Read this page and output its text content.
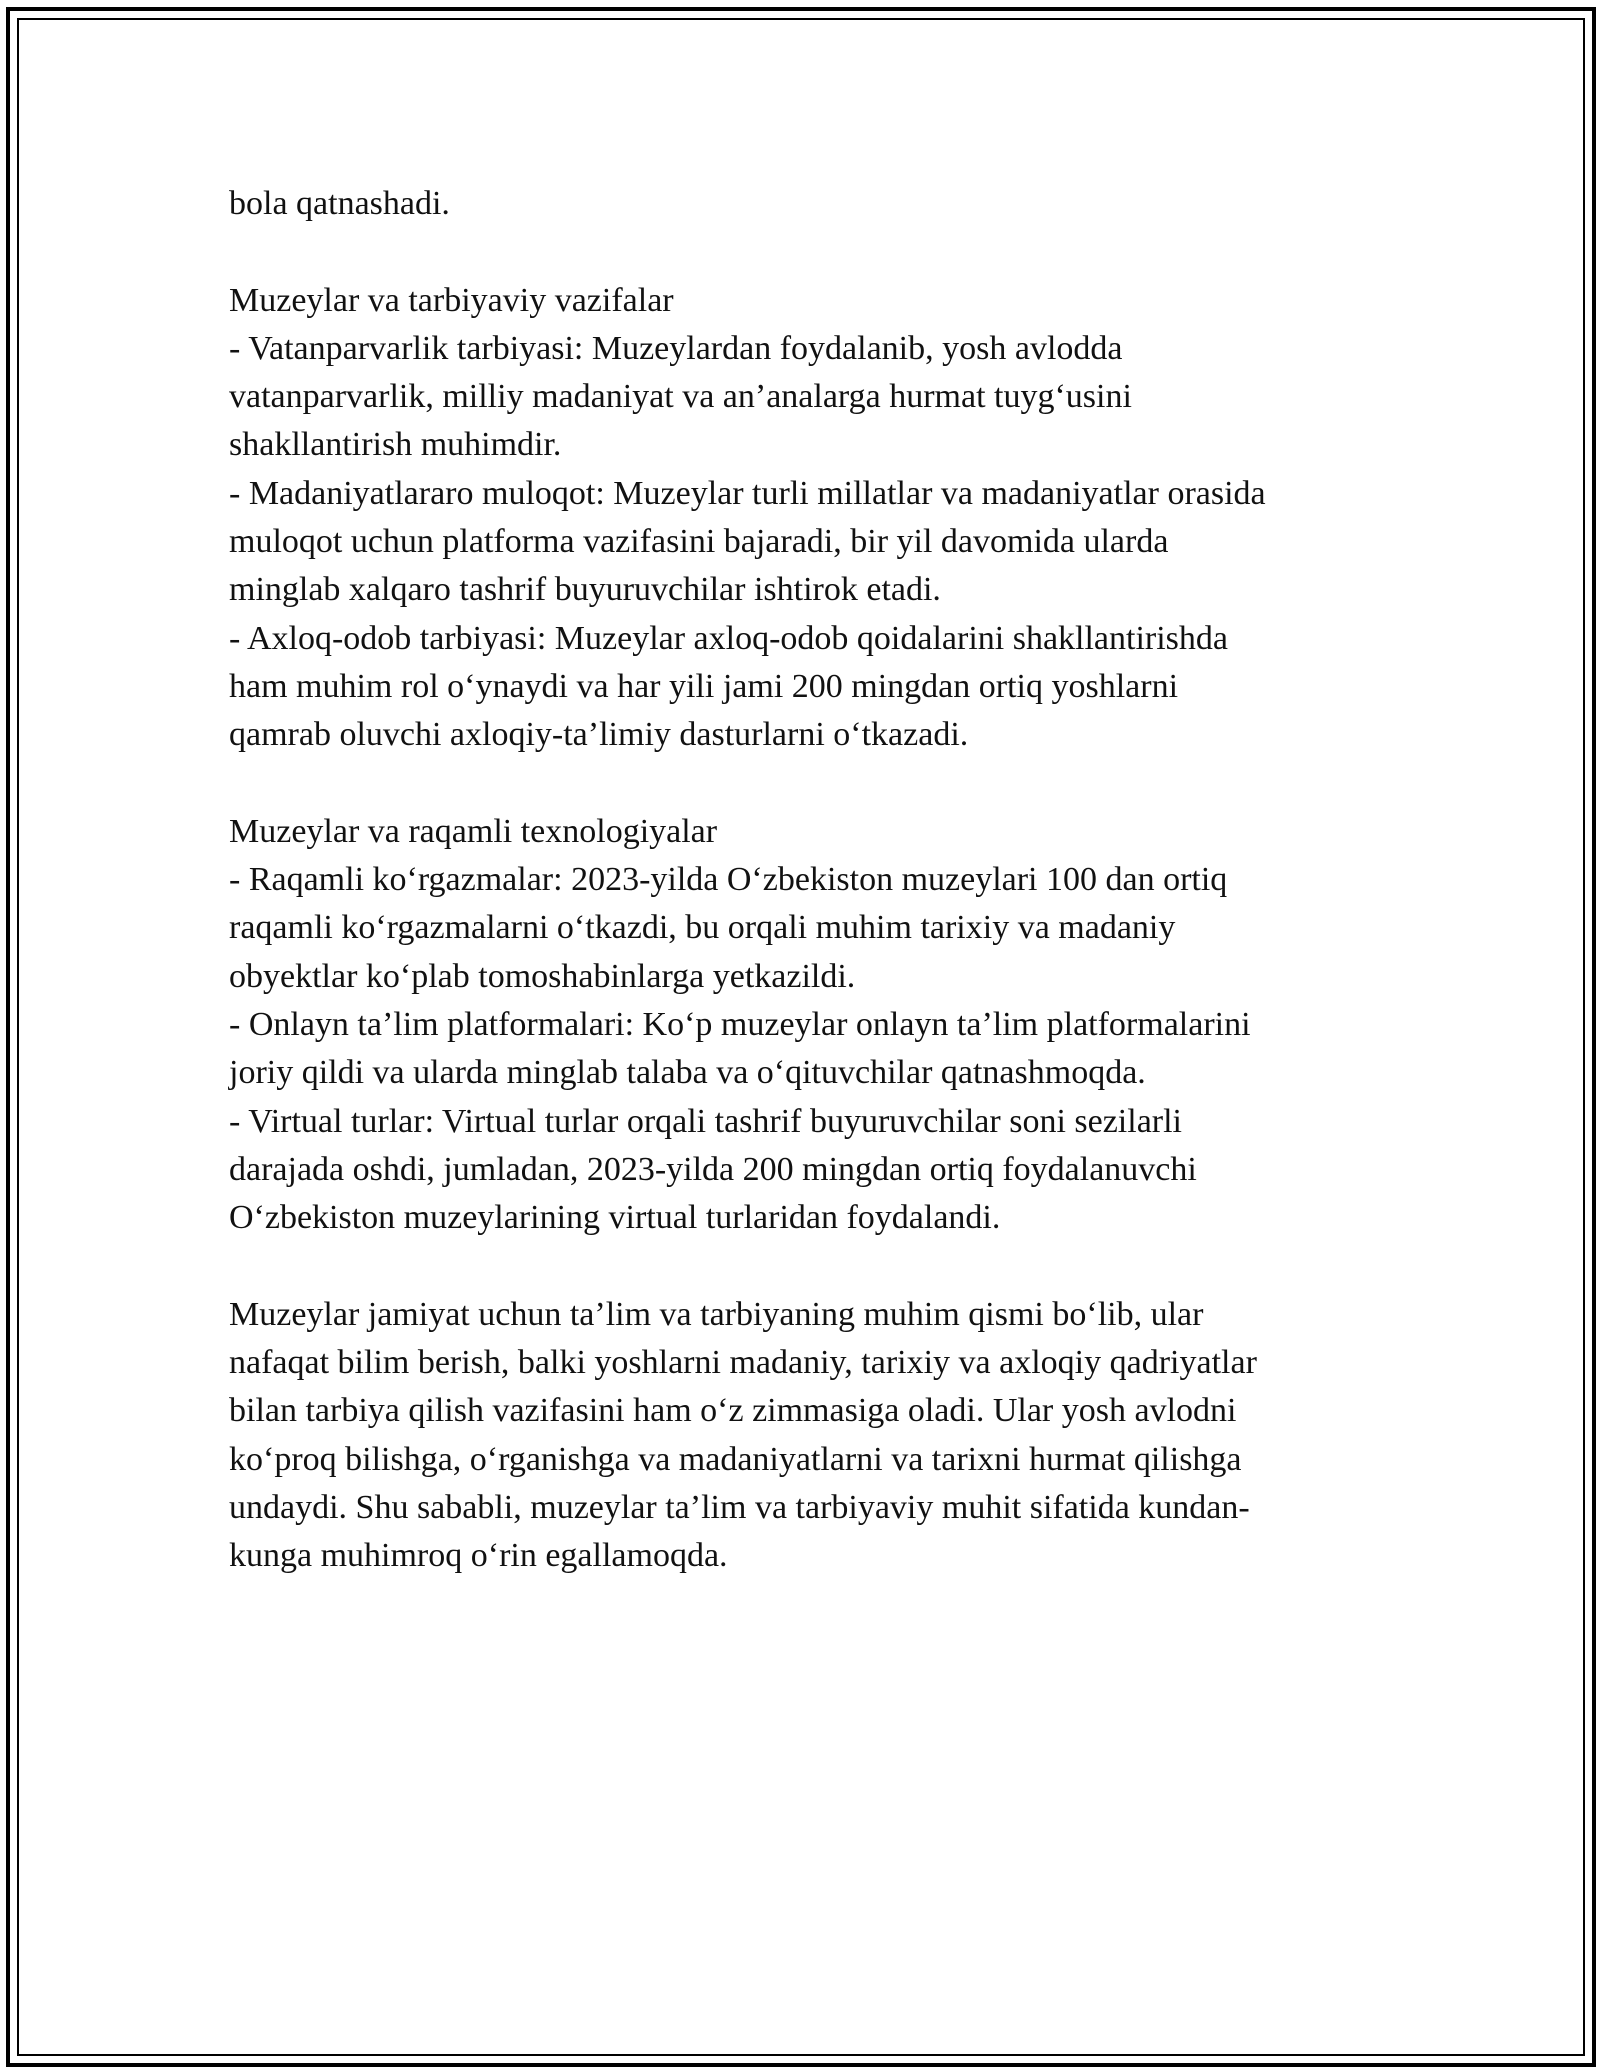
bola qatnashadi.

Muzeylar va tarbiyaviy vazifalar

- Vatanparvarlik tarbiyasi: Muzeylardan foydalanib, yosh avlodda

vatanparvarlik, milliy madaniyat va an’analarga hurmat tuyg‘usini

shakllantirish muhimdir.

- Madaniyatlararo muloqot: Muzeylar turli millatlar va madaniyatlar orasida

muloqot uchun platforma vazifasini bajaradi, bir yil davomida ularda

minglab xalqaro tashrif buyuruvchilar ishtirok etadi.

- Axloq-odob tarbiyasi: Muzeylar axloq-odob qoidalarini shakllantirishda

ham muhim rol o‘ynaydi va har yili jami 200 mingdan ortiq yoshlarni

qamrab oluvchi axloqiy-ta’limiy dasturlarni o‘tkazadi.

Muzeylar va raqamli texnologiyalar

- Raqamli ko‘rgazmalar: 2023-yilda O‘zbekiston muzeylari 100 dan ortiq

raqamli ko‘rgazmalarni o‘tkazdi, bu orqali muhim tarixiy va madaniy

obyektlar ko‘plab tomoshabinlarga yetkazildi.

- Onlayn ta’lim platformalari: Ko‘p muzeylar onlayn ta’lim platformalarini

joriy qildi va ularda minglab talaba va o‘qituvchilar qatnashmoqda.

- Virtual turlar: Virtual turlar orqali tashrif buyuruvchilar soni sezilarli

darajada oshdi, jumladan, 2023-yilda 200 mingdan ortiq foydalanuvchi

O‘zbekiston muzeylarining virtual turlaridan foydalandi.

Muzeylar jamiyat uchun ta’lim va tarbiyaning muhim qismi bo‘lib, ular

nafaqat bilim berish, balki yoshlarni madaniy, tarixiy va axloqiy qadriyatlar

bilan tarbiya qilish vazifasini ham o‘z zimmasiga oladi. Ular yosh avlodni

ko‘proq bilishga, o‘rganishga va madaniyatlarni va tarixni hurmat qilishga

undaydi. Shu sababli, muzeylar ta’lim va tarbiyaviy muhit sifatida kundan-

kunga muhimroq o‘rin egallamoqda.
